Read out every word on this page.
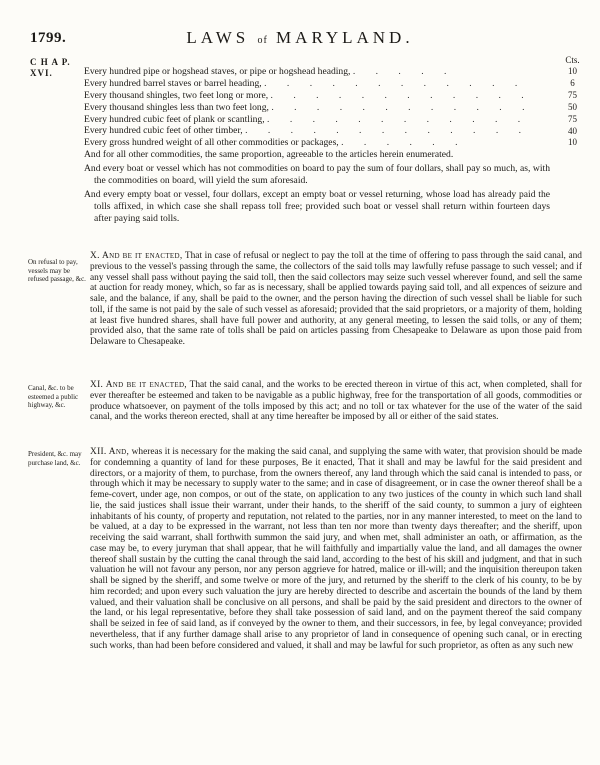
1799.	LAWS of MARYLAND.
C H A P.
XVI.
Cts.
10
6
75
50
75
40
10
Every hundred pipe or hogshead staves, or pipe or hogshead heading, . . . . .
Every hundred barrel staves or barrel heading, . . . . . . . . . . . .
Every thousand shingles, two feet long or more, . . . . . . . . . . . .
Every thousand shingles less than two feet long, . . . . . . . . . . . .
Every hundred cubic feet of plank or scantling, . . . . . . . . . . . .
Every hundred cubic feet of other timber, . . . . . . . . . . . . .
Every gross hundred weight of all other commodities or packages, . . . . . .
And for all other commodities, the same proportion, agreeable to the articles herein enumerated.
And every boat or vessel which has not commodities on board to pay the sum of four dollars, shall pay so much, as, with the commodities on board, will yield the sum aforesaid.
And every empty boat or vessel, four dollars, except an empty boat or vessel returning, whose load has already paid the tolls affixed, in which case she shall repass toll free; provided such boat or vessel shall return within fourteen days after paying said tolls.
On refusal to pay, vessels may be refused passage, &c.
X. And be it enacted, That in case of refusal or neglect to pay the toll at the time of offering to pass through the said canal, and previous to the vessel's passing through the same, the collectors of the said tolls may lawfully refuse passage to such vessel; and if any vessel shall pass without paying the said toll, then the said collectors may seize such vessel wherever found, and sell the same at auction for ready money, which, so far as is necessary, shall be applied towards paying said toll, and all expences of seizure and sale, and the balance, if any, shall be paid to the owner, and the person having the direction of such vessel shall be liable for such toll, if the same is not paid by the sale of such vessel as aforesaid; provided that the said proprietors, or a majority of them, holding at least five hundred shares, shall have full power and authority, at any general meeting, to lessen the said tolls, or any of them; provided also, that the same rate of tolls shall be paid on articles passing from Chesapeake to Delaware as upon those paid from Delaware to Chesapeake.
Canal, &c. to be esteemed a public highway, &c.
XI. And be it enacted, That the said canal, and the works to be erected thereon in virtue of this act, when completed, shall for ever thereafter be esteemed and taken to be navigable as a public highway, free for the transportation of all goods, commodities or produce whatsoever, on payment of the tolls imposed by this act; and no toll or tax whatever for the use of the water of the said canal, and the works thereon erected, shall at any time hereafter be imposed by all or either of the said states.
President, &c. may purchase land, &c.
XII. And, whereas it is necessary for the making the said canal, and supplying the same with water, that provision should be made for condemning a quantity of land for these purposes, Be it enacted, That it shall and may be lawful for the said president and directors, or a majority of them, to purchase, from the owners thereof, any land through which the said canal is intended to pass, or through which it may be necessary to supply water to the same; and in case of disagreement, or in case the owner thereof shall be a feme-covert, under age, non compos, or out of the state, on application to any two justices of the county in which such land shall lie, the said justices shall issue their warrant, under their hands, to the sheriff of the said county, to summon a jury of eighteen inhabitants of his county, of property and reputation, not related to the parties, nor in any manner interested, to meet on the land to be valued, at a day to be expressed in the warrant, not less than ten nor more than twenty days thereafter; and the sheriff, upon receiving the said warrant, shall forthwith summon the said jury, and when met, shall administer an oath, or affirmation, as the case may be, to every juryman that shall appear, that he will faithfully and impartially value the land, and all damages the owner thereof shall sustain by the cutting the canal through the said land, according to the best of his skill and judgment, and that in such valuation he will not favour any person, nor any person aggrieve for hatred, malice or ill-will; and the inquisition thereupon taken shall be signed by the sheriff, and some twelve or more of the jury, and returned by the sheriff to the clerk of his county, to be by him recorded; and upon every such valuation the jury are hereby directed to describe and ascertain the bounds of the land by them valued, and their valuation shall be conclusive on all persons, and shall be paid by the said president and directors to the owner of the land, or his legal representative, before they shall take possession of said land, and on the payment thereof the said company shall be seized in fee of said land, as if conveyed by the owner to them, and their successors, in fee, by legal conveyance; provided nevertheless, that if any further damage shall arise to any proprietor of land in consequence of opening such canal, or in erecting such works, than had been before considered and valued, it shall and may be lawful for such proprietor, as often as any such new
